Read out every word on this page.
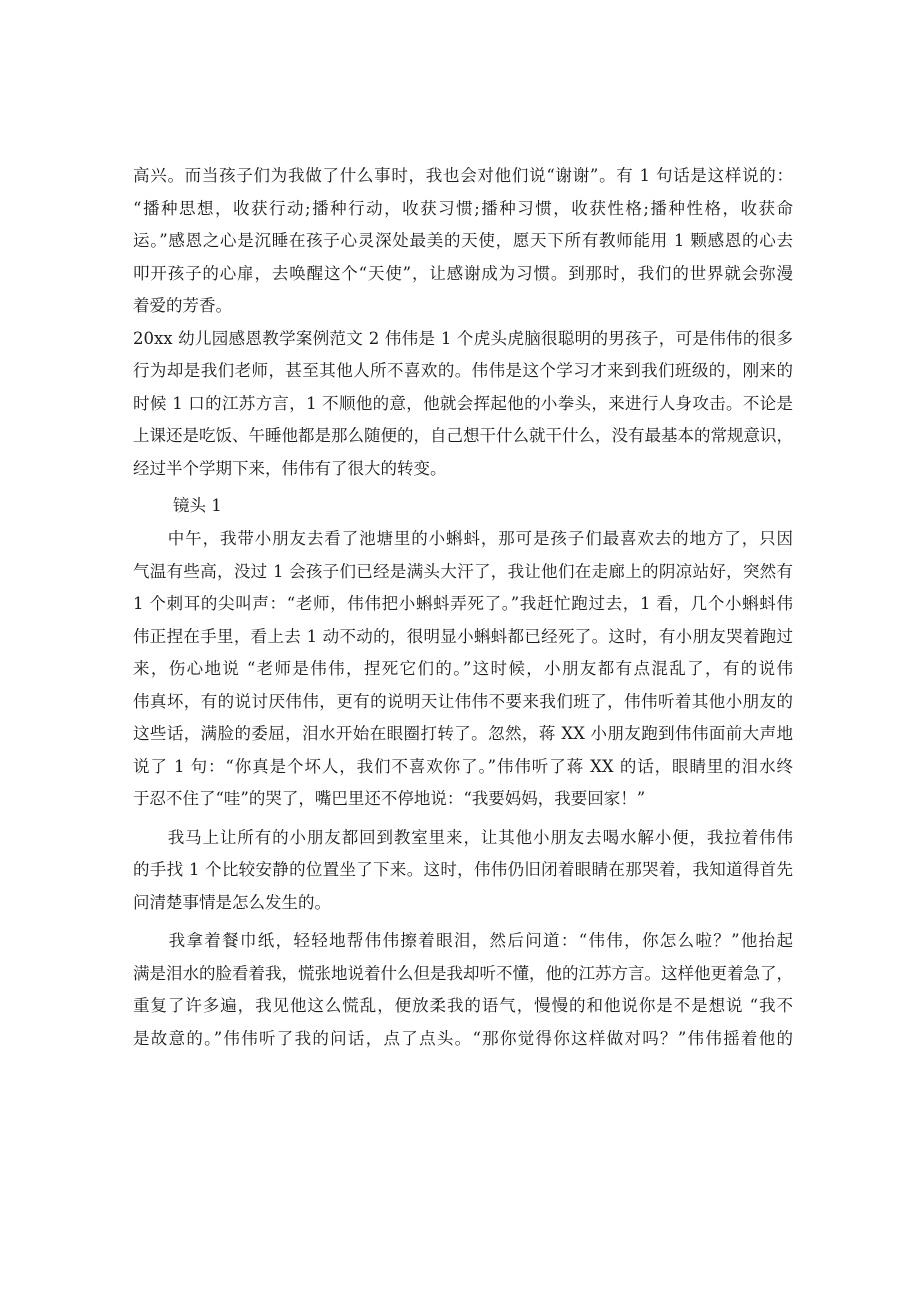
高兴。而当孩子们为我做了什么事时，我也会对他们说“谢谢”。有 1 句话是这样说的：
“播种思想，收获行动;播种行动，收获习惯;播种习惯，收获性格;播种性格，收获命
运。”感恩之心是沉睡在孩子心灵深处最美的天使，愿天下所有教师能用 1 颗感恩的心去
叩开孩子的心扉，去唤醒这个“天使”，让感谢成为习惯。到那时，我们的世界就会弥漫
着爱的芳香。
20xx 幼儿园感恩教学案例范文 2 伟伟是 1 个虎头虎脑很聪明的男孩子，可是伟伟的很多
行为却是我们老师，甚至其他人所不喜欢的。伟伟是这个学习才来到我们班级的，刚来的
时候 1 口的江苏方言，1 不顺他的意，他就会挥起他的小拳头，来进行人身攻击。不论是
上课还是吃饭、午睡他都是那么随便的，自己想干什么就干什么，没有最基本的常规意识，
经过半个学期下来，伟伟有了很大的转变。
镜头 1
　　中午，我带小朋友去看了池塘里的小蝌蚪，那可是孩子们最喜欢去的地方了，只因
气温有些高，没过 1 会孩子们已经是满头大汗了，我让他们在走廊上的阴凉站好，突然有
1 个刺耳的尖叫声：“老师，伟伟把小蝌蚪弄死了。”我赶忙跑过去，1 看，几个小蝌蚪伟
伟正捏在手里，看上去 1 动不动的，很明显小蝌蚪都已经死了。这时，有小朋友哭着跑过
来，伤心地说 “老师是伟伟，捏死它们的。”这时候，小朋友都有点混乱了，有的说伟
伟真坏，有的说讨厌伟伟，更有的说明天让伟伟不要来我们班了，伟伟听着其他小朋友的
这些话，满脸的委屈，泪水开始在眼圈打转了。忽然，蒋 XX 小朋友跑到伟伟面前大声地
说了 1 句：“你真是个坏人，我们不喜欢你了。”伟伟听了蒋 XX 的话，眼睛里的泪水终
于忍不住了“哇”的哭了，嘴巴里还不停地说：“我要妈妈，我要回家！”
　　我马上让所有的小朋友都回到教室里来，让其他小朋友去喝水解小便，我拉着伟伟
的手找 1 个比较安静的位置坐了下来。这时，伟伟仍旧闭着眼睛在那哭着，我知道得首先
问清楚事情是怎么发生的。
　　我拿着餐巾纸，轻轻地帮伟伟擦着眼泪，然后问道：“伟伟，你怎么啦？”他抬起
满是泪水的脸看着我，慌张地说着什么但是我却听不懂，他的江苏方言。这样他更着急了，
重复了许多遍，我见他这么慌乱，便放柔我的语气，慢慢的和他说你是不是想说 “我不
是故意的。”伟伟听了我的问话，点了点头。“那你觉得你这样做对吗？”伟伟摇着他的
